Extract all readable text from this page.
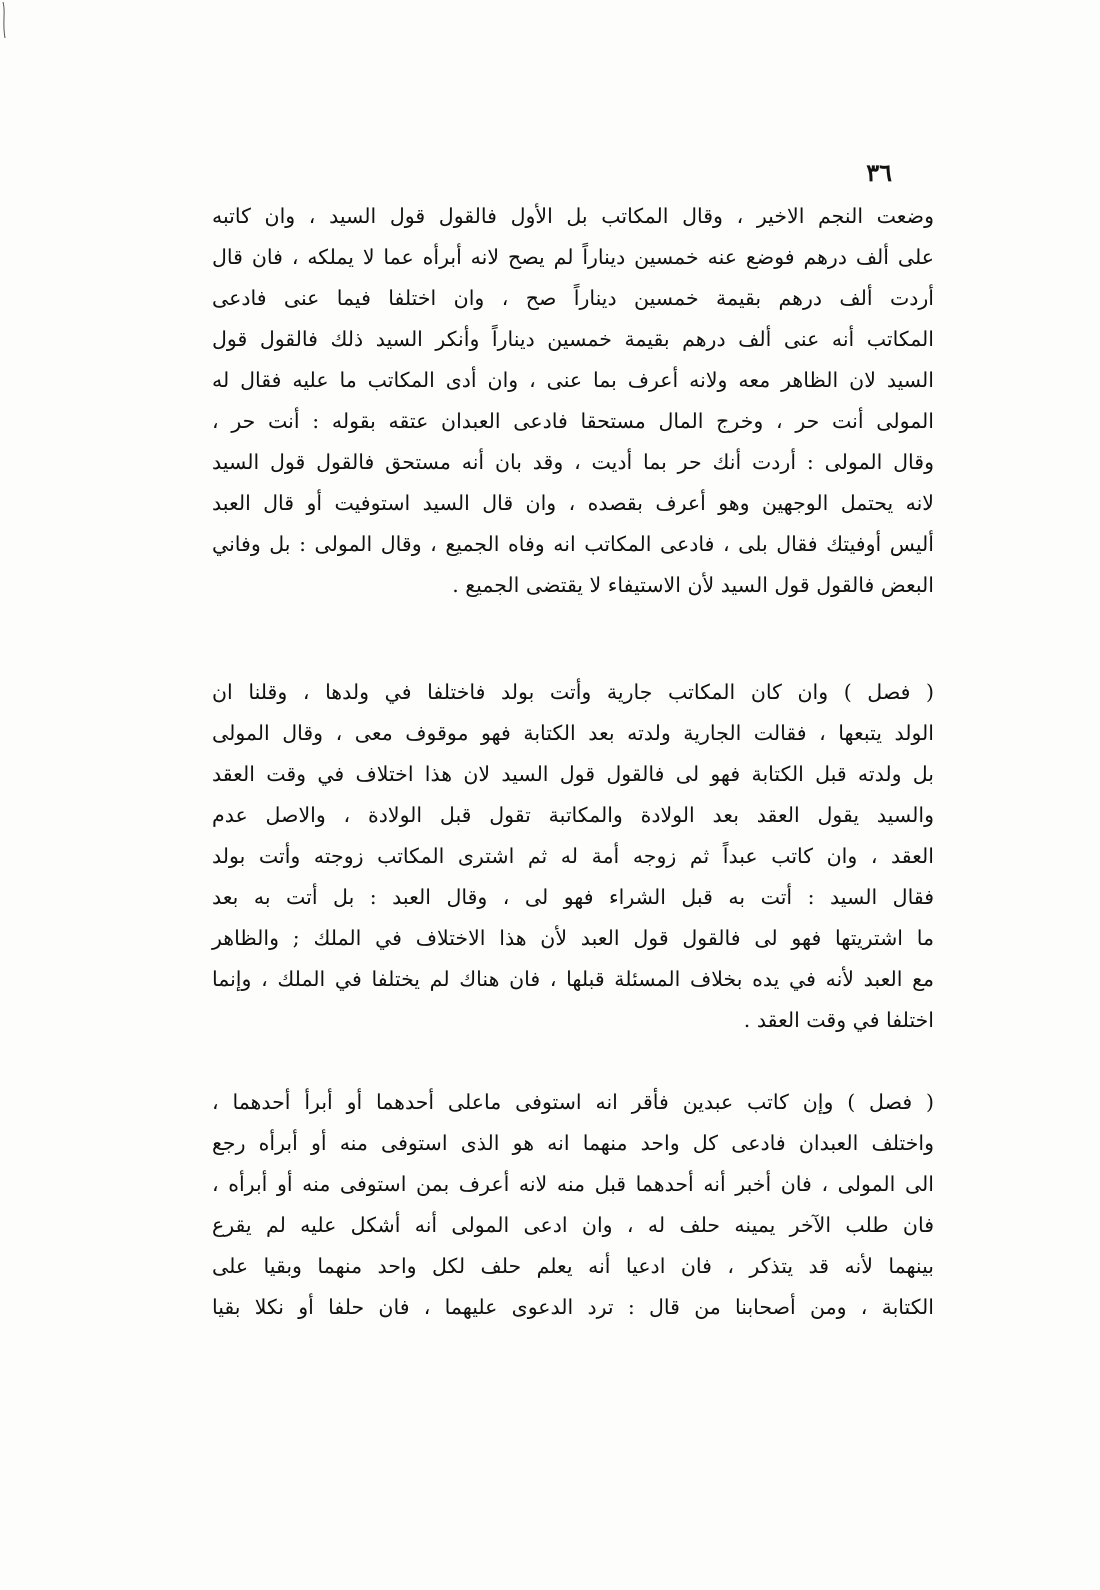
٣٦
وضعت النجم الاخير ، وقال المكاتب بل الأول فالقول قول السيد ، وان كاتبه
على ألف درهم فوضع عنه خمسين ديناراً لم يصح لانه أبرأه عما لا يملكه ، فان قال
أردت ألف درهم بقيمة خمسين ديناراً صح ، وان اختلفا فيما عنى فادعى
المكاتب أنه عنى ألف درهم بقيمة خمسين ديناراً وأنكر السيد ذلك فالقول قول
السيد لان الظاهر معه ولانه أعرف بما عنى ، وان أدى المكاتب ما عليه فقال له
المولى أنت حر ، وخرج المال مستحقا فادعى العبدان عتقه بقوله : أنت حر ،
وقال المولى : أردت أنك حر بما أديت ، وقد بان أنه مستحق فالقول قول السيد
لانه يحتمل الوجهين وهو أعرف بقصده ، وان قال السيد استوفيت أو قال العبد
أليس أوفيتك فقال بلى ، فادعى المكاتب انه وفاه الجميع ، وقال المولى : بل وفاني
البعض فالقول قول السيد لأن الاستيفاء لا يقتضى الجميع .
( فصل ) وان كان المكاتب جارية وأتت بولد فاختلفا في ولدها ، وقلنا ان
الولد يتبعها ، فقالت الجارية ولدته بعد الكتابة فهو موقوف معى ، وقال المولى
بل ولدته قبل الكتابة فهو لى فالقول قول السيد لان هذا اختلاف في وقت العقد
والسيد يقول العقد بعد الولادة والمكاتبة تقول قبل الولادة ، والاصل عدم
العقد ، وان كاتب عبداً ثم زوجه أمة له ثم اشترى المكاتب زوجته وأتت بولد
فقال السيد : أتت به قبل الشراء فهو لى ، وقال العبد : بل أتت به بعد
ما اشتريتها فهو لى فالقول قول العبد لأن هذا الاختلاف في الملك ; والظاهر
مع العبد لأنه في يده بخلاف المسئلة قبلها ، فان هناك لم يختلفا في الملك ، وإنما
اختلفا في وقت العقد .
( فصل ) وإن كاتب عبدين فأقر انه استوفى ماعلى أحدهما أو أبرأ أحدهما ،
واختلف العبدان فادعى كل واحد منهما انه هو الذى استوفى منه أو أبرأه رجع
الى المولى ، فان أخبر أنه أحدهما قبل منه لانه أعرف بمن استوفى منه أو أبرأه ،
فان طلب الآخر يمينه حلف له ، وان ادعى المولى أنه أشكل عليه لم يقرع
بينهما لأنه قد يتذكر ، فان ادعيا أنه يعلم حلف لكل واحد منهما وبقيا على
الكتابة ، ومن أصحابنا من قال : ترد الدعوى عليهما ، فان حلفا أو نكلا بقيا
